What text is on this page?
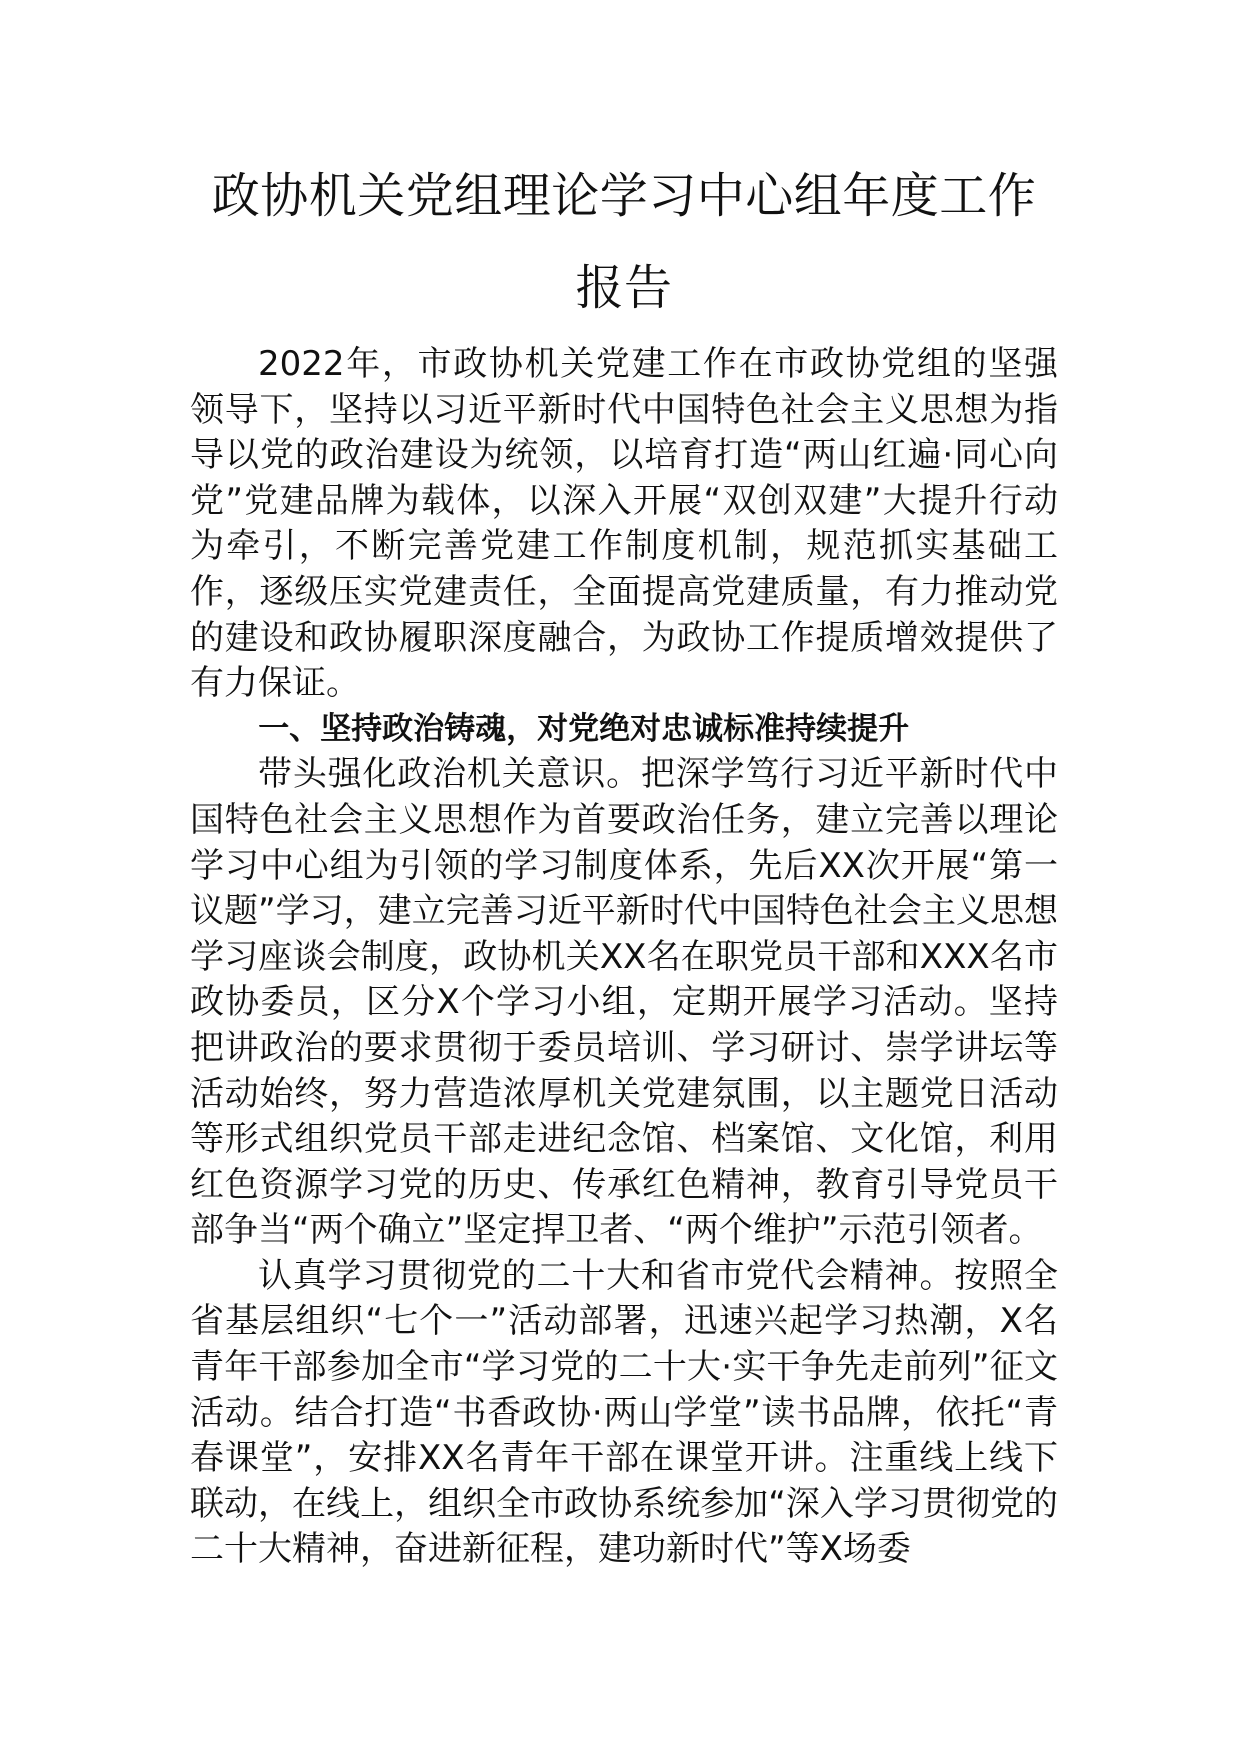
政协机关党组理论学习中心组年度工作报告

2022年，市政协机关党建工作在市政协党组的坚强领导下，坚持以习近平新时代中国特色社会主义思想为指导以党的政治建设为统领，以培育打造“两山红遍·同心向党”党建品牌为载体，以深入开展“双创双建”大提升行动为牵引，不断完善党建工作制度机制，规范抓实基础工作，逐级压实党建责任，全面提高党建质量，有力推动党的建设和政协履职深度融合，为政协工作提质增效提供了有力保证。

一、坚持政治铸魂，对党绝对忠诚标准持续提升

带头强化政治机关意识。把深学笃行习近平新时代中国特色社会主义思想作为首要政治任务，建立完善以理论学习中心组为引领的学习制度体系，先后XX次开展“第一议题”学习，建立完善习近平新时代中国特色社会主义思想学习座谈会制度，政协机关XX名在职党员干部和XXX名市政协委员，区分X个学习小组，定期开展学习活动。坚持把讲政治的要求贯彻于委员培训、学习研讨、崇学讲坛等活动始终，努力营造浓厚机关党建氛围，以主题党日活动等形式组织党员干部走进纪念馆、档案馆、文化馆，利用红色资源学习党的历史、传承红色精神，教育引导党员干部争当“两个确立”坚定捍卫者、“两个维护”示范引领者。

认真学习贯彻党的二十大和省市党代会精神。按照全省基层组织“七个一”活动部署，迅速兴起学习热潮，X名青年干部参加全市“学习党的二十大·实干争先走前列”征文活动。结合打造“书香政协·两山学堂”读书品牌，依托“青春课堂”，安排XX名青年干部在课堂开讲。注重线上线下联动，在线上，组织全市政协系统参加“深入学习贯彻党的二十大精神，奋进新征程，建功新时代”等X场委
